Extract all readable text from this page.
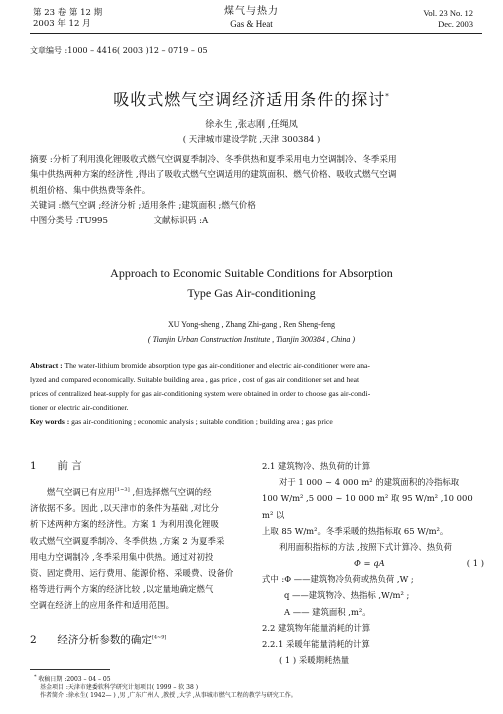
第 23 卷 第 12 期
2003 年 12 月
煤气与热力
Gas & Heat
Vol. 23 No. 12
Dec. 2003
文章编号 :1000 – 4416( 2003 )12 – 0719 – 05
吸收式燃气空调经济适用条件的探讨*
徐永生 ,张志刚 ,任绳凤
( 天津城市建设学院 ,天津 300384 )
摘要 :分析了利用溴化锂吸收式燃气空调夏季制冷、冬季供热和夏季采用电力空调制冷、冬季采用
集中供热两种方案的经济性 ,得出了吸收式燃气空调适用的建筑面积、燃气价格、吸收式燃气空调
机组价格、集中供热费等条件。
关键词 :燃气空调 ;经济分析 ;适用条件 ;建筑面积 ;燃气价格
中图分类号 :TU995	文献标识码 :A
Approach to Economic Suitable Conditions for Absorption
Type Gas Air-conditioning
XU Yong-sheng , Zhang Zhi-gang , Ren Sheng-feng
( Tianjin Urban Construction Institute , Tianjin 300384 , China )
Abstract : The water-lithium bromide absorption type gas air-conditioner and electric air-conditioner were ana-
lyzed and compared economically. Suitable building area , gas price , cost of gas air conditioner set and heat
prices of centralized heat-supply for gas air-conditioning system were obtained in order to choose gas air-condi-
tioner or electric air-conditioner.
Key words : gas air-conditioning ; economic analysis ; suitable condition ; building area ; gas price
1 前 言
燃气空调已有应用[1~3] ,但选择燃气空调的经
济依据不多。因此 ,以天津市的条件为基础 ,对比分
析下述两种方案的经济性。方案 1 为利用溴化锂吸
收式燃气空调夏季制冷、冬季供热 ,方案 2 为夏季采
用电力空调制冷 ,冬季采用集中供热。通过对初投
资、固定费用、运行费用、能源价格、采暖费、设备价
格等进行两个方案的经济比较 ,以定量地确定燃气
空调在经济上的应用条件和适用范围。
2 经济分析参数的确定[4~9]
2.1 建筑物冷、热负荷的计算
对于 1 000 ~ 4 000 m² 的建筑面积的冷指标取
100 W/m² ,5 000 ~ 10 000 m² 取 95 W/m² ,10 000 m² 以
上取 85 W/m²。冬季采暖的热指标取 65 W/m²。
利用面积指标的方法 ,按照下式计算冷、热负荷
Φ = qA	( 1 )
式中 :Φ ——建筑物冷负荷或热负荷 ,W ;
q ——建筑物冷、热指标 ,W/m² ;
A —— 建筑面积 ,m²。
2.2 建筑物年能量消耗的计算
2.2.1 采暖年能量消耗的计算
( 1 ) 采暖期耗热量
* 收稿日期 :2003 – 04 – 05
基金项目 :天津市建委软科学研究计划项目( 1999 – 软 38 )
作者简介 :徐永生( 1942— ) ,男 ,广东广州人 ,教授 ,大学 ,从事城市燃气工程的教学与研究工作。
